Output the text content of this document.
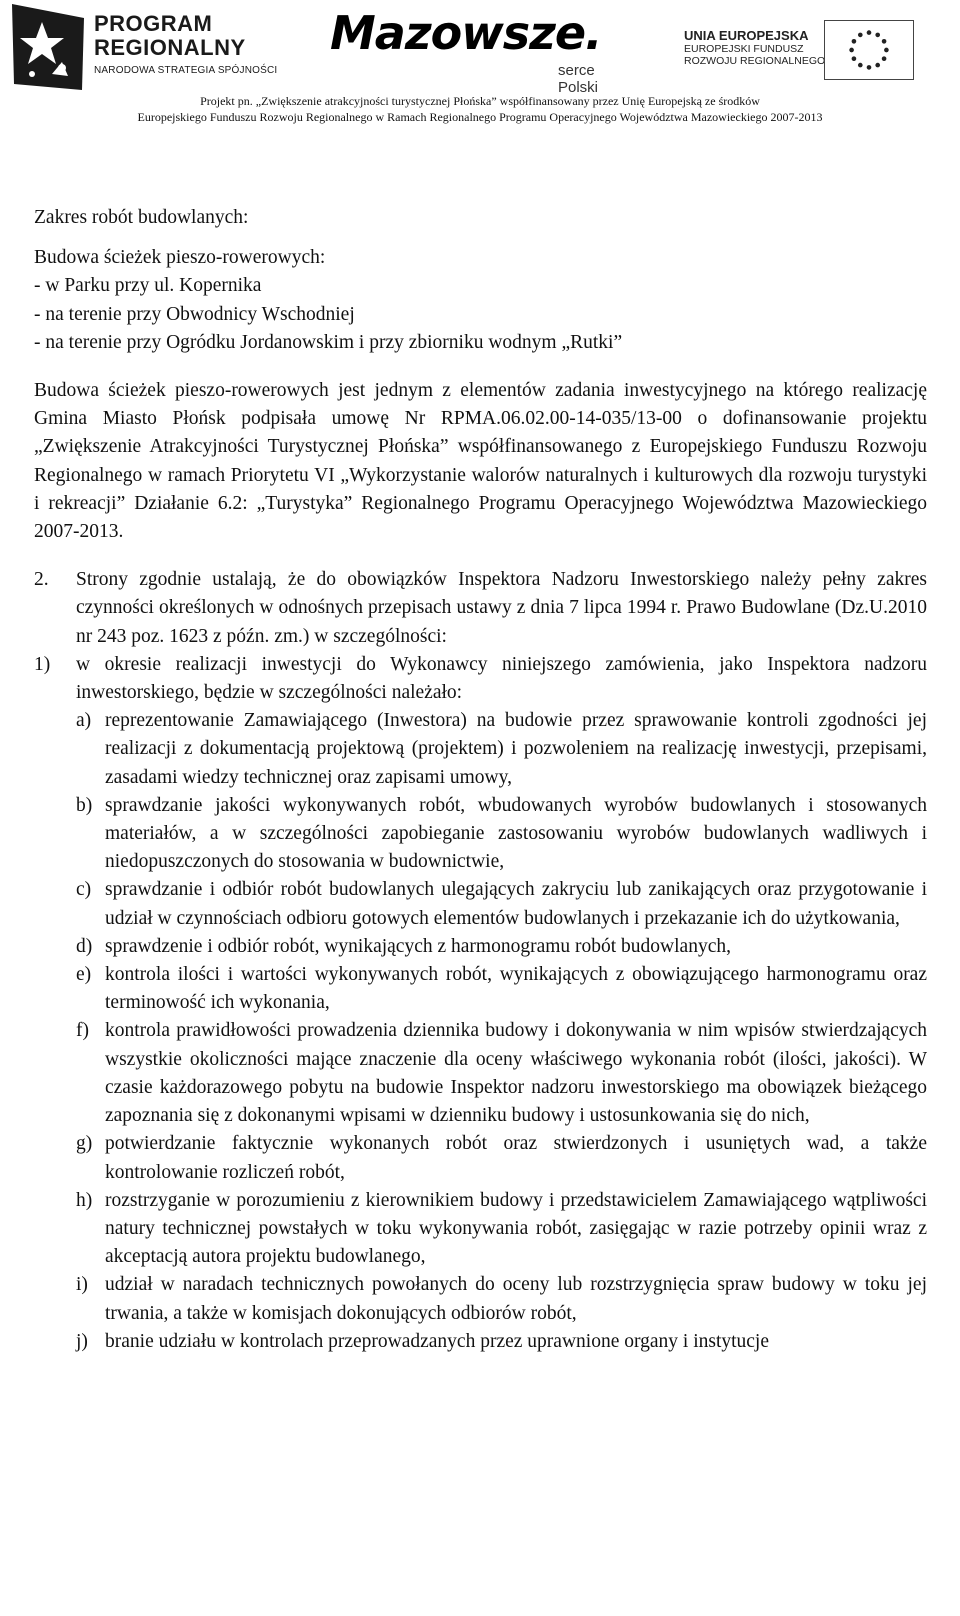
PROGRAM
REGIONALNY
NARODOWA STRATEGIA SPÓJNOŚCI
Mazowsze.
serce Polski
UNIA EUROPEJSKA
EUROPEJSKI FUNDUSZ
ROZWOJU REGIONALNEGO
Projekt pn. „Zwiększenie atrakcyjności turystycznej Płońska” współfinansowany przez Unię Europejską ze środków
Europejskiego Funduszu Rozwoju Regionalnego w Ramach Regionalnego Programu Operacyjnego Województwa Mazowieckiego 2007-2013

Zakres robót budowlanych:

Budowa ścieżek pieszo-rowerowych:

- w Parku przy ul. Kopernika

- na terenie przy Obwodnicy Wschodniej

- na terenie przy Ogródku Jordanowskim i przy zbiorniku wodnym „Rutki”

Budowa ścieżek pieszo-rowerowych jest jednym z elementów zadania inwestycyjnego na którego realizację Gmina Miasto Płońsk podpisała umowę Nr RPMA.06.02.00-14-035/13-00 o dofinansowanie projektu „Zwiększenie Atrakcyjności Turystycznej Płońska” współfinansowanego z Europejskiego Funduszu Rozwoju Regionalnego w ramach Priorytetu VI „Wykorzystanie walorów naturalnych i kulturowych dla rozwoju turystyki i rekreacji” Działanie 6.2: „Turystyka” Regionalnego Programu Operacyjnego Województwa Mazowieckiego 2007-2013.

2. Strony zgodnie ustalają, że do obowiązków Inspektora Nadzoru Inwestorskiego należy pełny zakres czynności określonych w odnośnych przepisach ustawy z dnia 7 lipca 1994 r. Prawo Budowlane (Dz.U.2010 nr 243 poz. 1623 z późn. zm.) w szczególności:
1) w okresie realizacji inwestycji do Wykonawcy niniejszego zamówienia, jako Inspektora nadzoru inwestorskiego, będzie w szczególności należało:
a) reprezentowanie Zamawiającego (Inwestora) na budowie przez sprawowanie kontroli zgodności jej realizacji z dokumentacją projektową (projektem) i pozwoleniem na realizację inwestycji, przepisami, zasadami wiedzy technicznej oraz zapisami umowy,
b) sprawdzanie jakości wykonywanych robót, wbudowanych wyrobów budowlanych i stosowanych materiałów, a w szczególności zapobieganie zastosowaniu wyrobów budowlanych wadliwych i niedopuszczonych do stosowania w budownictwie,
c) sprawdzanie i odbiór robót budowlanych ulegających zakryciu lub zanikających oraz przygotowanie i udział w czynnościach odbioru gotowych elementów budowlanych i przekazanie ich do użytkowania,
d) sprawdzenie i odbiór robót, wynikających z harmonogramu robót budowlanych,
e) kontrola ilości i wartości wykonywanych robót, wynikających z obowiązującego harmonogramu oraz terminowość ich wykonania,
f) kontrola prawidłowości prowadzenia dziennika budowy i dokonywania w nim wpisów stwierdzających wszystkie okoliczności mające znaczenie dla oceny właściwego wykonania robót (ilości, jakości). W czasie każdorazowego pobytu na budowie Inspektor nadzoru inwestorskiego ma obowiązek bieżącego zapoznania się z dokonanymi wpisami w dzienniku budowy i ustosunkowania się do nich,
g) potwierdzanie faktycznie wykonanych robót oraz stwierdzonych i usuniętych wad, a także kontrolowanie rozliczeń robót,
h) rozstrzyganie w porozumieniu z kierownikiem budowy i przedstawicielem Zamawiającego wątpliwości natury technicznej powstałych w toku wykonywania robót, zasięgając w razie potrzeby opinii wraz z akceptacją autora projektu budowlanego,
i) udział w naradach technicznych powołanych do oceny lub rozstrzygnięcia spraw budowy w toku jej trwania, a także w komisjach dokonujących odbiorów robót,
j) branie udziału w kontrolach przeprowadzanych przez uprawnione organy i instytucje
